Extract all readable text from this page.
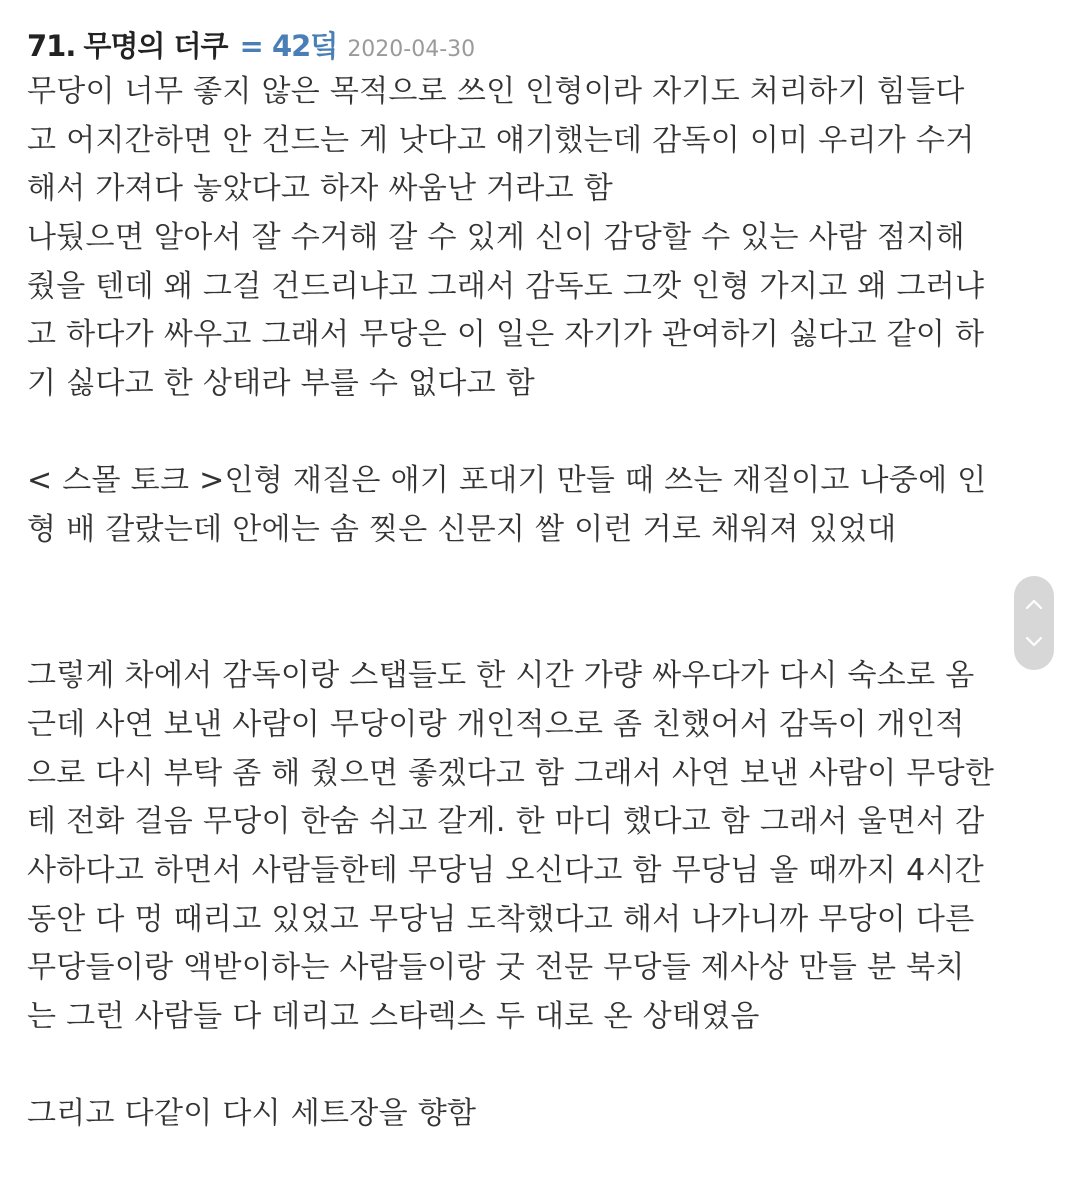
71. 무명의 더쿠 = 42덬 2020-04-30
무당이 너무 좋지 않은 목적으로 쓰인 인형이라 자기도 처리하기 힘들다
고 어지간하면 안 건드는 게 낫다고 얘기했는데 감독이 이미 우리가 수거
해서 가져다 놓았다고 하자 싸움난 거라고 함
나뒀으면 알아서 잘 수거해 갈 수 있게 신이 감당할 수 있는 사람 점지해
줬을 텐데 왜 그걸 건드리냐고 그래서 감독도 그깟 인형 가지고 왜 그러냐
고 하다가 싸우고 그래서 무당은 이 일은 자기가 관여하기 싫다고 같이 하
기 싫다고 한 상태라 부를 수 없다고 함
< 스몰 토크 >인형 재질은 애기 포대기 만들 때 쓰는 재질이고 나중에 인
형 배 갈랐는데 안에는 솜 찢은 신문지 쌀 이런 거로 채워져 있었대
그렇게 차에서 감독이랑 스탭들도 한 시간 가량 싸우다가 다시 숙소로 옴
근데 사연 보낸 사람이 무당이랑 개인적으로 좀 친했어서 감독이 개인적
으로 다시 부탁 좀 해 줬으면 좋겠다고 함 그래서 사연 보낸 사람이 무당한
테 전화 걸음 무당이 한숨 쉬고 갈게. 한 마디 했다고 함 그래서 울면서 감
사하다고 하면서 사람들한테 무당님 오신다고 함 무당님 올 때까지 4시간
동안 다 멍 때리고 있었고 무당님 도착했다고 해서 나가니까 무당이 다른
무당들이랑 액받이하는 사람들이랑 굿 전문 무당들 제사상 만들 분 북치
는 그런 사람들 다 데리고 스타렉스 두 대로 온 상태였음
그리고 다같이 다시 세트장을 향함
